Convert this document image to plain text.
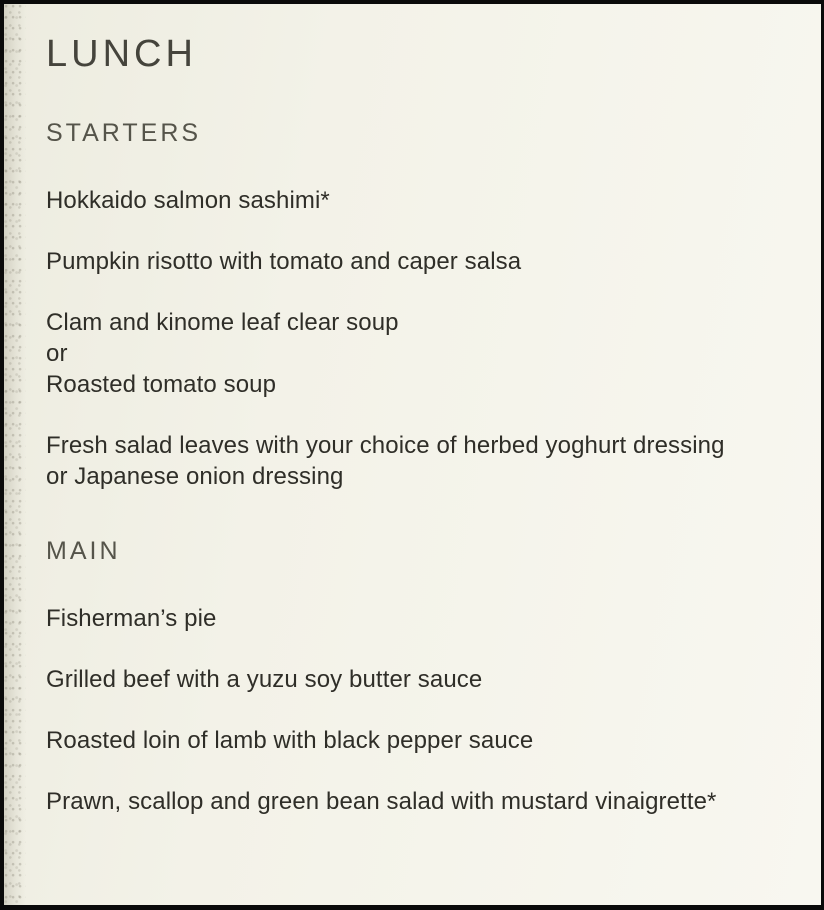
LUNCH
STARTERS

Hokkaido salmon sashimi*

Pumpkin risotto with tomato and caper salsa

Clam and kinome leaf clear soup
or
Roasted tomato soup

Fresh salad leaves with your choice of herbed yoghurt dressing
or Japanese onion dressing

MAIN

Fisherman’s pie

Grilled beef with a yuzu soy butter sauce

Roasted loin of lamb with black pepper sauce

Prawn, scallop and green bean salad with mustard vinaigrette*
